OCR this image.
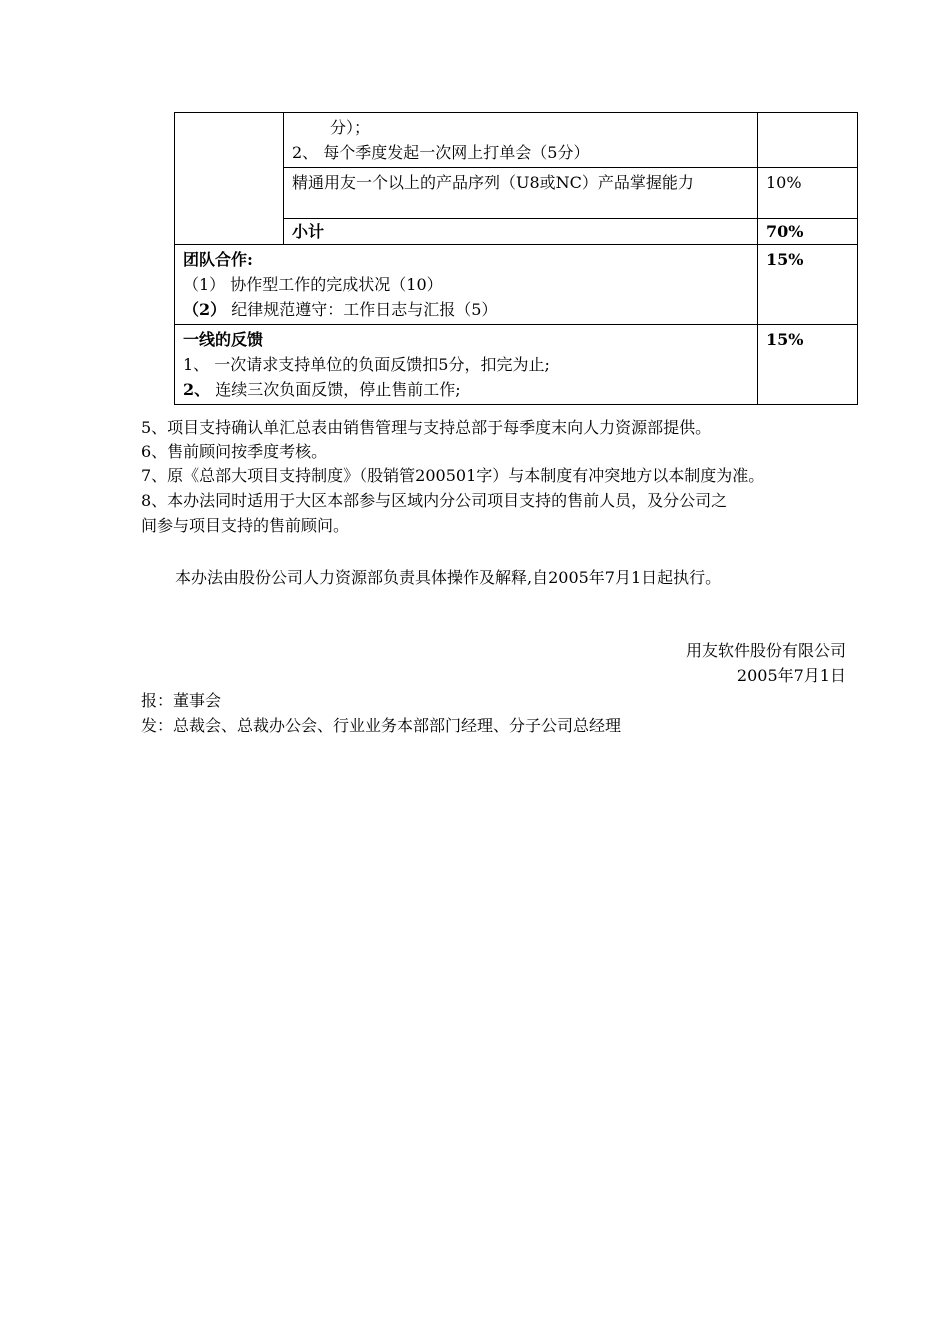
	分）；
2、 每个季度发起一次网上打单会（5分）	

	精通用友一个以上的产品序列（U8或NC）产品掌握能力	10%
	小计	70%

团队合作:
（1） 协作型工作的完成状况（10）
（2） 纪律规范遵守：工作日志与汇报（5）		15%

一线的反馈
1、 一次请求支持单位的负面反馈扣5分，扣完为止;
2、 连续三次负面反馈，停止售前工作;		15%
5、项目支持确认单汇总表由销售管理与支持总部于每季度末向人力资源部提供。
6、售前顾问按季度考核。
7、原《总部大项目支持制度》（股销管200501字）与本制度有冲突地方以本制度为准。
8、本办法同时适用于大区本部参与区域内分公司项目支持的售前人员，及分公司之
间参与项目支持的售前顾问。
本办法由股份公司人力资源部负责具体操作及解释,自2005年7月1日起执行。
用友软件股份有限公司
2005年7月1日
报：董事会
发：总裁会、总裁办公会、行业业务本部部门经理、分子公司总经理
